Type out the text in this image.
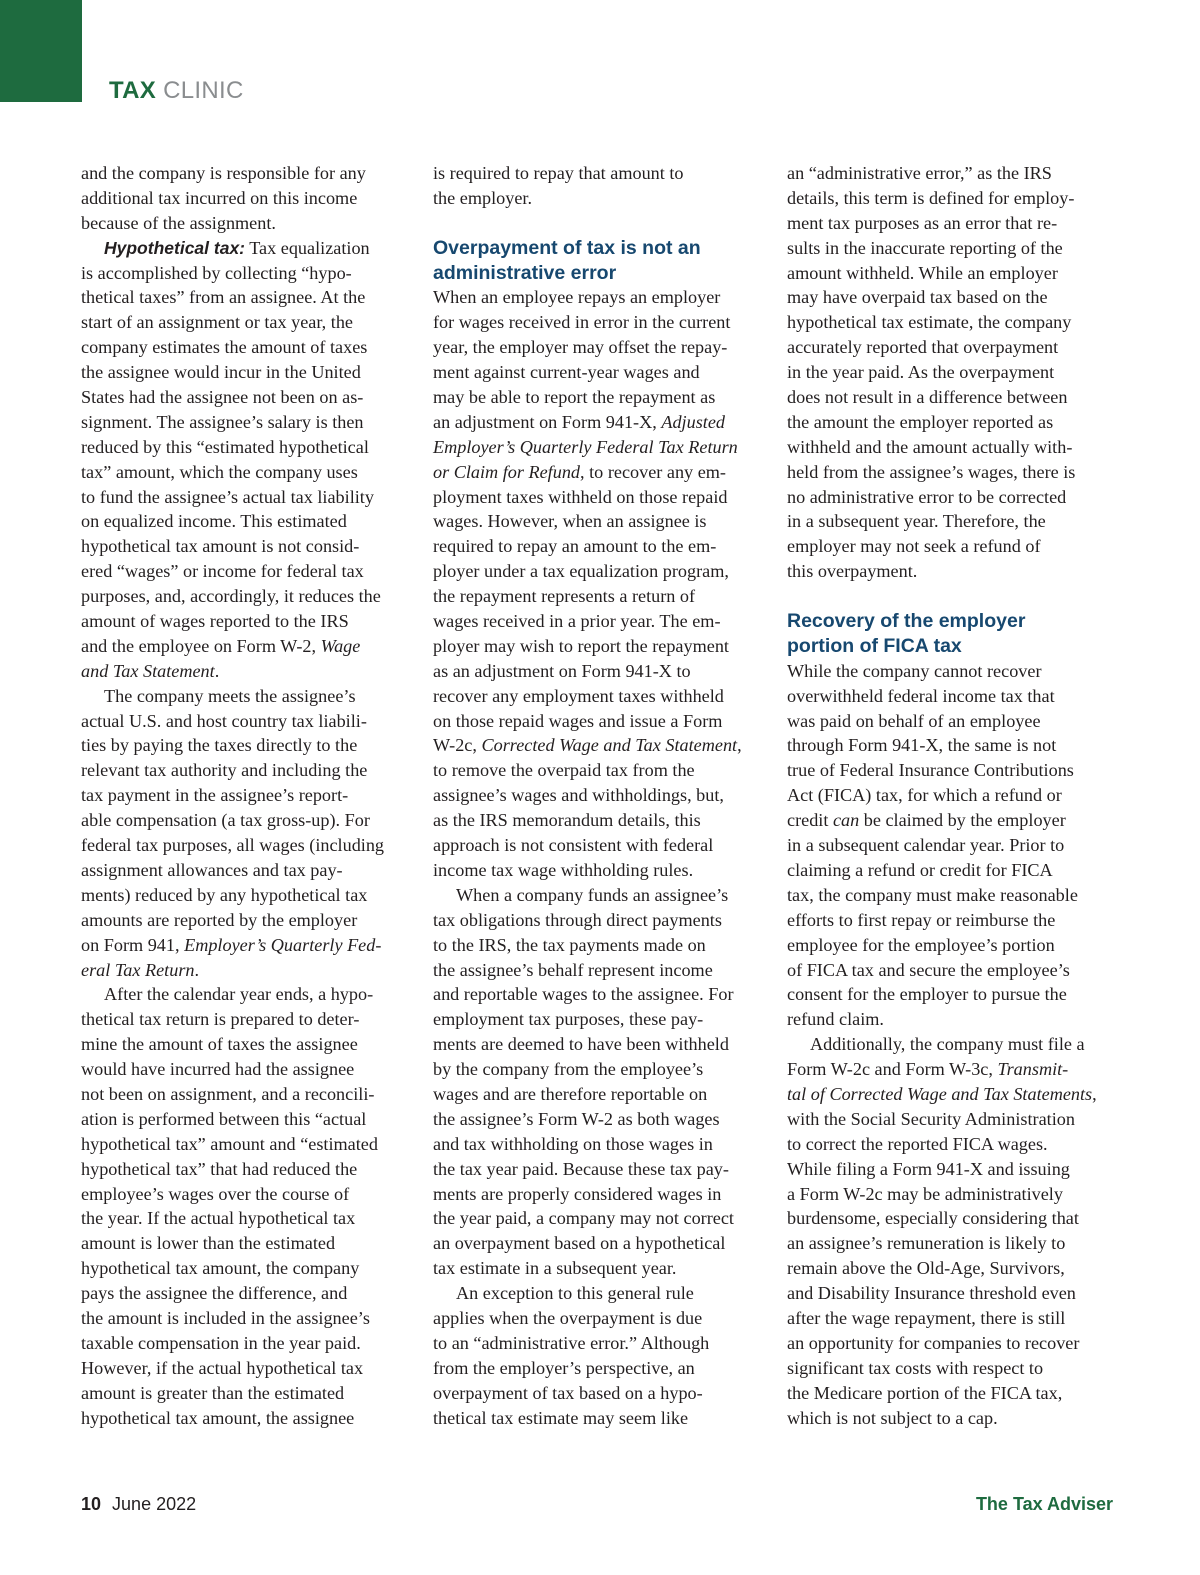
TAX CLINIC
and the company is responsible for any
additional tax incurred on this income
because of the assignment.
Hypothetical tax: Tax equalization
is accomplished by collecting “hypo-
thetical taxes” from an assignee. At the
start of an assignment or tax year, the
company estimates the amount of taxes
the assignee would incur in the United
States had the assignee not been on as-
signment. The assignee’s salary is then
reduced by this “estimated hypothetical
tax” amount, which the company uses
to fund the assignee’s actual tax liability
on equalized income. This estimated
hypothetical tax amount is not consid-
ered “wages” or income for federal tax
purposes, and, accordingly, it reduces the
amount of wages reported to the IRS
and the employee on Form W-2, Wage
and Tax Statement.
The company meets the assignee’s
actual U.S. and host country tax liabili-
ties by paying the taxes directly to the
relevant tax authority and including the
tax payment in the assignee’s report-
able compensation (a tax gross-up). For
federal tax purposes, all wages (including
assignment allowances and tax pay-
ments) reduced by any hypothetical tax
amounts are reported by the employer
on Form 941, Employer’s Quarterly Fed-
eral Tax Return.
After the calendar year ends, a hypo-
thetical tax return is prepared to deter-
mine the amount of taxes the assignee
would have incurred had the assignee
not been on assignment, and a reconcili-
ation is performed between this “actual
hypothetical tax” amount and “estimated
hypothetical tax” that had reduced the
employee’s wages over the course of
the year. If the actual hypothetical tax
amount is lower than the estimated
hypothetical tax amount, the company
pays the assignee the difference, and
the amount is included in the assignee’s
taxable compensation in the year paid.
However, if the actual hypothetical tax
amount is greater than the estimated
hypothetical tax amount, the assignee
is required to repay that amount to
the employer.
Overpayment of tax is not an
administrative error
When an employee repays an employer
for wages received in error in the current
year, the employer may offset the repay-
ment against current-year wages and
may be able to report the repayment as
an adjustment on Form 941-X, Adjusted
Employer’s Quarterly Federal Tax Return
or Claim for Refund, to recover any em-
ployment taxes withheld on those repaid
wages. However, when an assignee is
required to repay an amount to the em-
ployer under a tax equalization program,
the repayment represents a return of
wages received in a prior year. The em-
ployer may wish to report the repayment
as an adjustment on Form 941-X to
recover any employment taxes withheld
on those repaid wages and issue a Form
W-2c, Corrected Wage and Tax Statement,
to remove the overpaid tax from the
assignee’s wages and withholdings, but,
as the IRS memorandum details, this
approach is not consistent with federal
income tax wage withholding rules.
When a company funds an assignee’s
tax obligations through direct payments
to the IRS, the tax payments made on
the assignee’s behalf represent income
and reportable wages to the assignee. For
employment tax purposes, these pay-
ments are deemed to have been withheld
by the company from the employee’s
wages and are therefore reportable on
the assignee’s Form W-2 as both wages
and tax withholding on those wages in
the tax year paid. Because these tax pay-
ments are properly considered wages in
the year paid, a company may not correct
an overpayment based on a hypothetical
tax estimate in a subsequent year.
An exception to this general rule
applies when the overpayment is due
to an “administrative error.” Although
from the employer’s perspective, an
overpayment of tax based on a hypo-
thetical tax estimate may seem like
an “administrative error,” as the IRS
details, this term is defined for employ-
ment tax purposes as an error that re-
sults in the inaccurate reporting of the
amount withheld. While an employer
may have overpaid tax based on the
hypothetical tax estimate, the company
accurately reported that overpayment
in the year paid. As the overpayment
does not result in a difference between
the amount the employer reported as
withheld and the amount actually with-
held from the assignee’s wages, there is
no administrative error to be corrected
in a subsequent year. Therefore, the
employer may not seek a refund of
this overpayment.
Recovery of the employer
portion of FICA tax
While the company cannot recover
overwithheld federal income tax that
was paid on behalf of an employee
through Form 941-X, the same is not
true of Federal Insurance Contributions
Act (FICA) tax, for which a refund or
credit can be claimed by the employer
in a subsequent calendar year. Prior to
claiming a refund or credit for FICA
tax, the company must make reasonable
efforts to first repay or reimburse the
employee for the employee’s portion
of FICA tax and secure the employee’s
consent for the employer to pursue the
refund claim.
Additionally, the company must file a
Form W-2c and Form W-3c, Transmit-
tal of Corrected Wage and Tax Statements,
with the Social Security Administration
to correct the reported FICA wages.
While filing a Form 941-X and issuing
a Form W-2c may be administratively
burdensome, especially considering that
an assignee’s remuneration is likely to
remain above the Old-Age, Survivors,
and Disability Insurance threshold even
after the wage repayment, there is still
an opportunity for companies to recover
significant tax costs with respect to
the Medicare portion of the FICA tax,
which is not subject to a cap.
10 June 2022	The Tax Adviser
